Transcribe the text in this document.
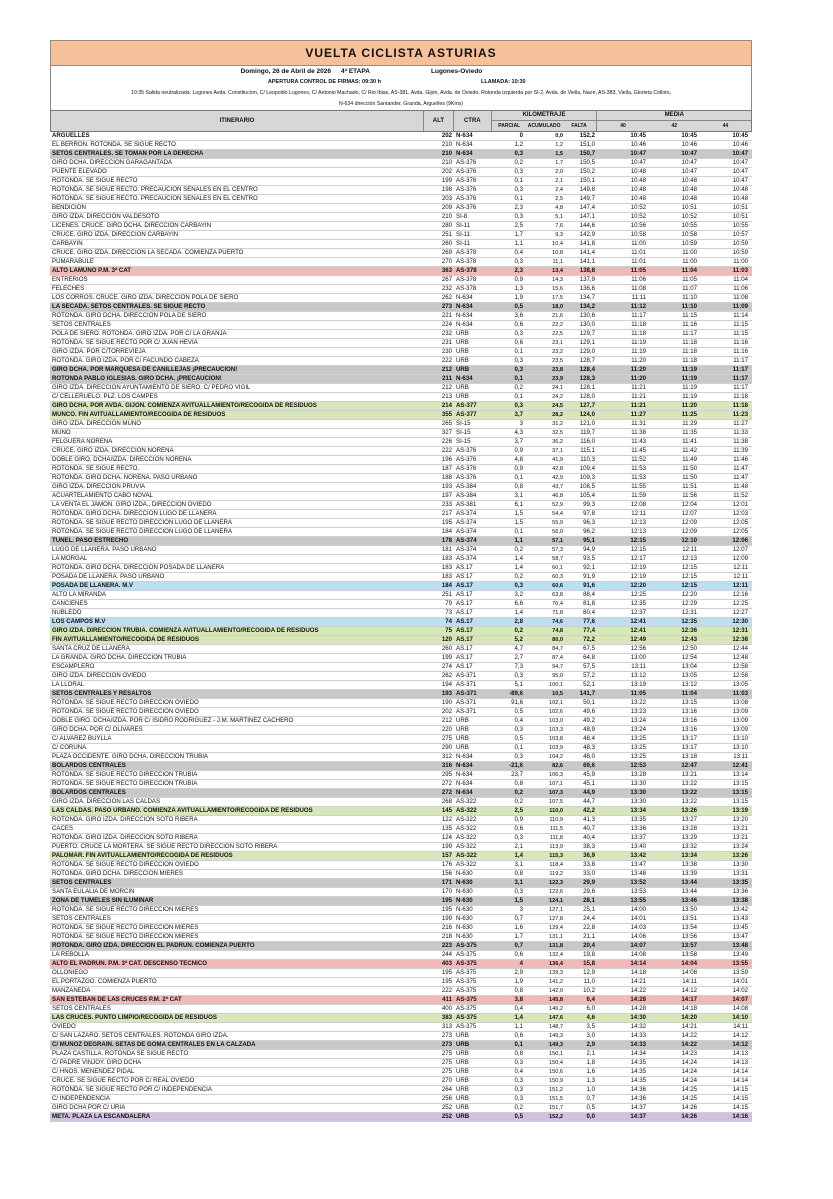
VUELTA CICLISTA ASTURIAS
Domingo, 26 de Abril de 2026	4ª ETAPA	Lugones-Oviedo
APERTURA CONTROL DE FIRMAS: 09:30 h	LLAMADA: 10:30
10:35 Salida neutralizada: Lugones Avda. Constitucion, C/ Leopoldo Lugones, C/ Antonio Machado, C/ Rio Ibias, AS-381, Avda. Gijón, Avda. de Oviedo, Rotonda izquierda por SI-2, Avda. de Viella, Naon, AS-383, Viella, Glorieta Colloto,
N-634 dirección Santander, Granda, Arguelles (9Kms)
ITINERARIO	ALT	CTRA
KILOMETRAJE
PARCIAL	ACUMULADO	FALTA
MEDIA
40	42	44
ARGÜELLES	202 N-634	0	0,0	152,2	10:45	10:45	10:45
EL BERRON. ROTONDA. SE SIGUE RECTO	210 N-634	1,2	1,2	151,0	10:46	10:46	10:46
SETOS CENTRALES. SE TOMAN POR LA DERECHA	210 N-634	0,3	1,5	150,7	10:47	10:47	10:47
GIRO DCHA. DIRECCION GARAGANTADA	210 AS-376	0,2	1,7	150,5	10:47	10:47	10:47
PUENTE ELEVADO	202 AS-376	0,3	2,0	150,2	10:48	10:47	10:47
ROTONDA. SE SIGUE RECTO	199 AS-376	0,1	2,1	150,1	10:48	10:48	10:47
ROTONDA. SE SIGUE RECTO. PRECAUCION SEÑALES EN EL CENTRO	198 AS-376	0,3	2,4	149,8	10:48	10:48	10:48
ROTONDA. SE SIGUE RECTO. PRECAUCION SEÑALES EN EL CENTRO	203 AS-376	0,1	2,5	149,7	10:48	10:48	10:48
BENDICION	209 AS-376	2,3	4,8	147,4	10:52	10:51	10:51
GIRO IZDA. DIRECCION VALDESOTO	210 SI-8	0,3	5,1	147,1	10:52	10:52	10:51
LICEÑES. CRUCE. GIRO DCHA. DIRECCIÓN CARBAYIN	280 SI-11	2,5	7,6	144,6	10:56	10:55	10:55
CRUCE. GIRO IZDA. DIRECCION CARBAYIN	251 SI-11	1,7	9,3	142,9	10:58	10:58	10:57
CARBAYIN	260 SI-11	1,1	10,4	141,8	11:00	10:59	10:59
CRUCE. GIRO IZDA. DIRECCION LA SECADA. COMIENZA PUERTO	269 AS-378	0,4	10,8	141,4	11:01	11:00	10:59
PUMARABULE	270 AS-378	0,3	11,1	141,1	11:01	11:00	11:00
ALTO LAMUÑO P.M. 3ª CAT	363 AS-378	2,3	13,4	138,8	11:05	11:04	11:03
ENTRERIOS	267 AS-378	0,9	14,3	137,9	11:06	11:05	11:04
FELECHES	232 AS-378	1,3	15,6	136,6	11:08	11:07	11:06
LOS CORROS. CRUCE. GIRO IZDA. DIRECCION POLA DE SIERO	262 N-634	1,9	17,5	134,7	11:11	11:10	11:08
LA SECADA. SETOS CENTRALES. SE SIGUE RECTO	273 N-634	0,5	18,0	134,2	11:12	11:10	11:09
ROTONDA. GIRO DCHA. DIRECCION POLA DE SIERO	221 N-634	3,6	21,6	130,6	11:17	11:15	11:14
SETOS CENTRALES	224 N-634	0,6	22,2	130,0	11:18	11:16	11:15
POLA DE SIERO. ROTONDA. GIRO IZDA. POR C/ LA GRANJA	232 URB	0,3	22,5	129,7	11:18	11:17	11:15
ROTONDA. SE SIGUE RECTO POR C/ JUAN HEVIA	231 URB	0,6	23,1	129,1	11:19	11:18	11:16
GIRO IZDA. POR C/TORREVIEJA	230 URB	0,1	23,2	129,0	11:19	11:18	11:16
ROTONDA. GIRO IZDA. POR C/ FACUNDO CABEZA	222 URB	0,3	23,5	128,7	11:20	11:18	11:17
GIRO DCHA. POR MARQUESA DE CANILLEJAS ¡PRECAUCION!	212 URB	0,3	23,8	128,4	11:20	11:19	11:17
ROTONDA PABLO IGLESIAS. GIRO DCHA. ¡PRECAUCION!	211 N-634	0,1	23,9	128,3	11:20	11:19	11:17
GIRO IZDA. DIRECCION AYUNTAMIENTO DE SIERO. C/ PEDRO VIGIL	212 URB	0,2	24,1	128,1	11:21	11:19	11:17
C/ CELLERUELO, PLZ. LOS CAMPES	213 URB	0,1	24,2	128,0	11:21	11:19	11:18
GIRO DCHA. POR AVDA. GIJON. COMIENZA AVITUALLAMIENTO/RECOGIDA DE RESIDUOS	214 AS-377	0,3	24,5	127,7	11:21	11:20	11:18
MUNCÓ. FIN AVITUALLAMIENTO/RECOGIDA DE RESIDUOS	355 AS-377	3,7	28,2	124,0	11:27	11:25	11:23
GIRO IZDA. DIRECCION MUÑÓ	265 SI-15	3	31,2	121,0	11:31	11:29	11:27
MUÑÓ	327 SI-15	4,3	32,5	119,7	11:38	11:35	11:33
FELGUERA NOREÑA	226 SI-15	3,7	36,2	116,0	11:43	11:41	11:38
CRUCE. GIRO IZDA. DIRECCION NOREÑA	222 AS-376	0,9	37,1	115,1	11:45	11:42	11:39
DOBLE GIRO. DCHA/IZDA. DIRECCION NOREÑA	196 AS-376	4,8	41,9	110,3	11:52	11:49	11:46
ROTONDA. SE SIGUE RECTO.	187 AS-376	0,9	42,8	109,4	11:53	11:50	11:47
ROTONDA. GIRO DCHA. NOREÑA. PASO URBANO	188 AS-376	0,1	42,9	109,3	11:53	11:50	11:47
GIRO IZDA. DIRECCION PRUVIA	193 AS-384	0,8	43,7	108,5	11:55	11:51	11:48
ACUARTELAMIENTO CABO NOVAL	197 AS-384	3,1	46,8	105,4	11:59	11:56	11:52
LA VENTA EL JAMON. GIRO IZDA., DIRECCION OVIEDO	233 AS-381	6,1	52,9	99,3	12:08	12:04	12:01
ROTONDA. GIRO DCHA. DIRECCION LUGO DE LLANERA	217 AS-374	1,5	54,4	97,8	12:11	12:07	12:03
ROTONDA. SE SIGUE RECTO DIRECCION LUGO DE LLANERA	195 AS-374	1,5	55,9	96,3	12:13	12:09	12:05
ROTONDA. SE SIGUE RECTO DIRECCION LUGO DE LLANERA	184 AS-374	0,1	56,0	96,2	12:13	12:09	12:05
TUNEL. PASO ESTRECHO	178 AS-374	1,1	57,1	95,1	12:15	12:10	12:06
LUGO DE LLANERA. PASO URBANO	181 AS-374	0,2	57,3	94,9	12:15	12:11	12:07
LA MORGAL	183 AS-374	1,4	58,7	93,5	12:17	12:13	12:09
ROTONDA. GIRO DCHA. DIRECCION POSADA DE LLANERA	183 AS.17	1,4	60,1	92,1	12:19	12:15	12:11
POSADA DE LLANERA. PASO URBANO	183 AS.17	0,2	60,3	91,9	12:19	12:15	12:11
POSADA DE LLANERA. M.V	184 AS.17	0,3	60,6	91,6	12:20	12:15	12:11
ALTO LA MIRANDA	251 AS.17	3,2	63,8	88,4	12:25	12:20	12:16
CANCIENES	79 AS.17	6,6	70,4	81,8	12:35	12:29	12:25
NUBLEDO	73 AS.17	1,4	71,8	80,4	12:37	12:31	12:27
LOS CAMPOS M.V	74 AS.17	2,8	74,6	77,6	12:41	12:35	12:30
GIRO IZDA. DIRECCION TRUBIA. COMIENZA AVITUALLAMIENTO/RECOGIDA DE RESIDUOS	75 AS.17	0,2	74,8	77,4	12:41	12:36	12:31
FIN AVITUALLAMIENTO/RECOGIDA DE RESIDUOS	120 AS.17	5,2	80,0	72,2	12:49	12:43	12:38
SANTA CRUZ DE LLANERA	260 AS.17	4,7	84,7	67,5	12:56	12:50	12:44
LA GRANDA. GIRO DCHA. DIRECCION TRUBIA	199 AS.17	2,7	87,4	64,8	13:00	12:54	12:48
ESCAMPLERO	274 AS.17	7,3	94,7	57,5	13:11	13:04	12:58
GIRO IZDA. DIRECCION OVIEDO	262 AS-371	0,3	95,0	57,2	13:12	13:05	12:58
LA LLORAL	194 AS-371	5,1	100,1	52,1	13:19	13:12	13:05
SETOS CENTRALES Y RESALTOS	193 AS-371	-89,6	10,5	141,7	11:05	11:04	11:03
ROTONDA. SE SIGUE RECTO DIRECCION OVIEDO	190 AS-371	91,6	102,1	50,1	13:22	13:15	13:08
ROTONDA. SE SIGUE RECTO DIRECCION OVIEDO	202 AS-371	0,5	102,6	49,6	13:23	13:16	13:09
DOBLE GIRO. DCHA/IZDA. POR C/ ISIDRO RODRIGUEZ - J.M. MARTINEZ CACHERO	212 URB	0,4	103,0	49,2	13:24	13:16	13:09
GIRO DCHA. POR C/ OLIVARES	220 URB	0,3	103,3	48,9	13:24	13:16	13:09
C/ ALVAREZ BUYLLA	275 URB	0,5	103,8	48,4	13:25	13:17	13:10
C/ CORUÑA	290 URB	0,1	103,9	48,3	13:25	13:17	13:10
PLAZA OCCIDENTE. GIRO DCHA. DIRECCION TRUBIA	312 N-634	0,3	104,2	48,0	13:25	13:18	13:11
BOLARDOS CENTRALES	316 N-634	-21,6	82,6	69,6	12:53	12:47	12:41
ROTONDA. SE SIGUE RECTO DIRECCION TRUBIA	295 N-634	23,7	106,3	45,9	13:28	13:21	13:14
ROTONDA. SE SIGUE RECTO DIRECCION TRUBIA	272 N-634	0,8	107,1	45,1	13:30	13:22	13:15
BOLARDOS CENTRALES	272 N-634	0,2	107,3	44,9	13:30	13:22	13:15
GIRO IZDA. DIRECCION LAS CALDAS	268 AS-322	0,2	107,5	44,7	13:30	13:22	13:15
LAS CALDAS. PASO URBANO. COMIENZA AVITUALLAMIENTO/RECOGIDA DE RESIDUOS	145 AS-322	2,5	110,0	42,2	13:34	13:26	13:19
ROTONDA. GIRO IZDA. DIRECCION SOTO RIBERA	122 AS-322	0,9	110,9	41,3	13:35	13:27	13:20
CACES	135 AS-322	0,6	111,5	40,7	13:36	13:28	13:21
ROTONDA. GIRO IZDA. DIRECCION SOTO RIBERA	124 AS-322	0,3	111,8	40,4	13:37	13:29	13:21
PUERTO. CRUCE LA MORTERA. SE SIGUE RECTO DIRECCION SOTO RIBERA	199 AS-322	2,1	113,9	38,3	13:40	13:32	13:24
PALOMAR. FIN AVITUALLAMIENTO/RECOGIDA DE RESIDUOS	157 AS-322	1,4	115,3	36,9	13:42	13:34	13:26
ROTONDA. SE SIGUE RECTO DIRECCION OVIEDO	176 AS-322	3,1	118,4	33,8	13:47	13:38	13:30
ROTONDA. GIRO DCHA. DIRECCION MIERES	156 N-630	0,8	119,2	33,0	13:48	13:39	13:31
SETOS CENTRALES	171 N-630	3,1	122,3	29,9	13:52	13:44	13:35
SANTA EULALIA DE MORCIN	170 N-630	0,3	122,6	29,6	13:53	13:44	13:36
ZONA DE TUMELES SIN ILUMINAR	195 N-630	1,5	124,1	28,1	13:55	13:46	13:38
ROTONDA. SE SIGUE RECTO DIRECCION MIERES	195 N-630	3	127,1	25,1	14:00	13:50	13:42
SETOS CENTRALES	199 N-630	0,7	127,8	24,4	14:01	13:51	13:43
ROTONDA. SE SIGUE RECTO DIRECCION MIERES	216 N-630	1,6	129,4	22,8	14:03	13:54	13:45
ROTONDA. SE SIGUE RECTO DIRECCION MIERES	218 N-630	1,7	131,1	21,1	14:06	13:56	13:47
ROTONDA. GIRO IZDA. DIRECCION EL PADRUN. COMIENZA PUERTO	223 AS-375	0,7	131,8	20,4	14:07	13:57	13:48
LA REBOLLÁ	244 AS-375	0,6	132,4	19,8	14:08	13:58	13:49
ALTO EL PADRUN. P.M. 3ª CAT. DESCENSO TECNICO	403 AS-375	4	136,4	15,8	14:14	14:04	13:55
OLLONIEGO	195 AS-375	2,9	139,3	12,9	14:18	14:08	13:59
EL PORTAZGO. COMIENZA PUERTO	195 AS-375	1,9	141,2	11,0	14:21	14:11	14:01
MANZANEDA	222 AS-375	0,8	142,0	10,2	14:22	14:12	14:02
SAN ESTEBAN DE LAS CRUCES P.M. 2ª CAT	411 AS-375	3,8	145,8	6,4	14:28	14:17	14:07
SETOS CENTRALES	400 AS-375	0,4	146,2	6,0	14:28	14:18	14:08
LAS CRUCES. PUNTO LIMPIO/RECOGIDA DE RESIDUOS	383 AS-375	1,4	147,6	4,6	14:30	14:20	14:10
OVIEDO	313 AS-375	1,1	148,7	3,5	14:32	14:21	14:11
C/ SAN LAZARO. SETOS CENTRALES. ROTONDA GIRO IZDA.	273 URB	0,6	149,3	3,0	14:33	14:22	14:12
C/ MUÑOZ DEGRAIN. SETAS DE GOMA CENTRALES EN LA CALZADA	273 URB	0,1	149,3	2,9	14:33	14:22	14:12
PLAZA CASTILLA. ROTONDA SE SIGUE RECTO	275 URB	0,8	150,1	2,1	14:34	14:23	14:13
C/ PADRE VINJOY. GIRO DCHA	275 URB	0,3	150,4	1,8	14:35	14:24	14:13
C/ HNOS. MENENDEZ PIDAL	275 URB	0,4	150,6	1,6	14:35	14:24	14:14
CRUCE. SE SIGUE RECTO POR C/ REAL OVIEDO	270 URB	0,3	150,9	1,3	14:35	14:24	14:14
ROTONDA. SE SIGUE RECTO POR C/ INDEPENDENCIA	264 URB	0,3	151,2	1,0	14:36	14:25	14:15
C/ INDEPENDENCIA	256 URB	0,3	151,5	0,7	14:36	14:25	14:15
GIRO DCHA POR C/ URIA	252 URB	0,2	151,7	0,5	14:37	14:26	14:15
META. PLAZA LA ESCANDALERA	252 URB	0,5	152,2	0,0	14:37	14:26	14:16
